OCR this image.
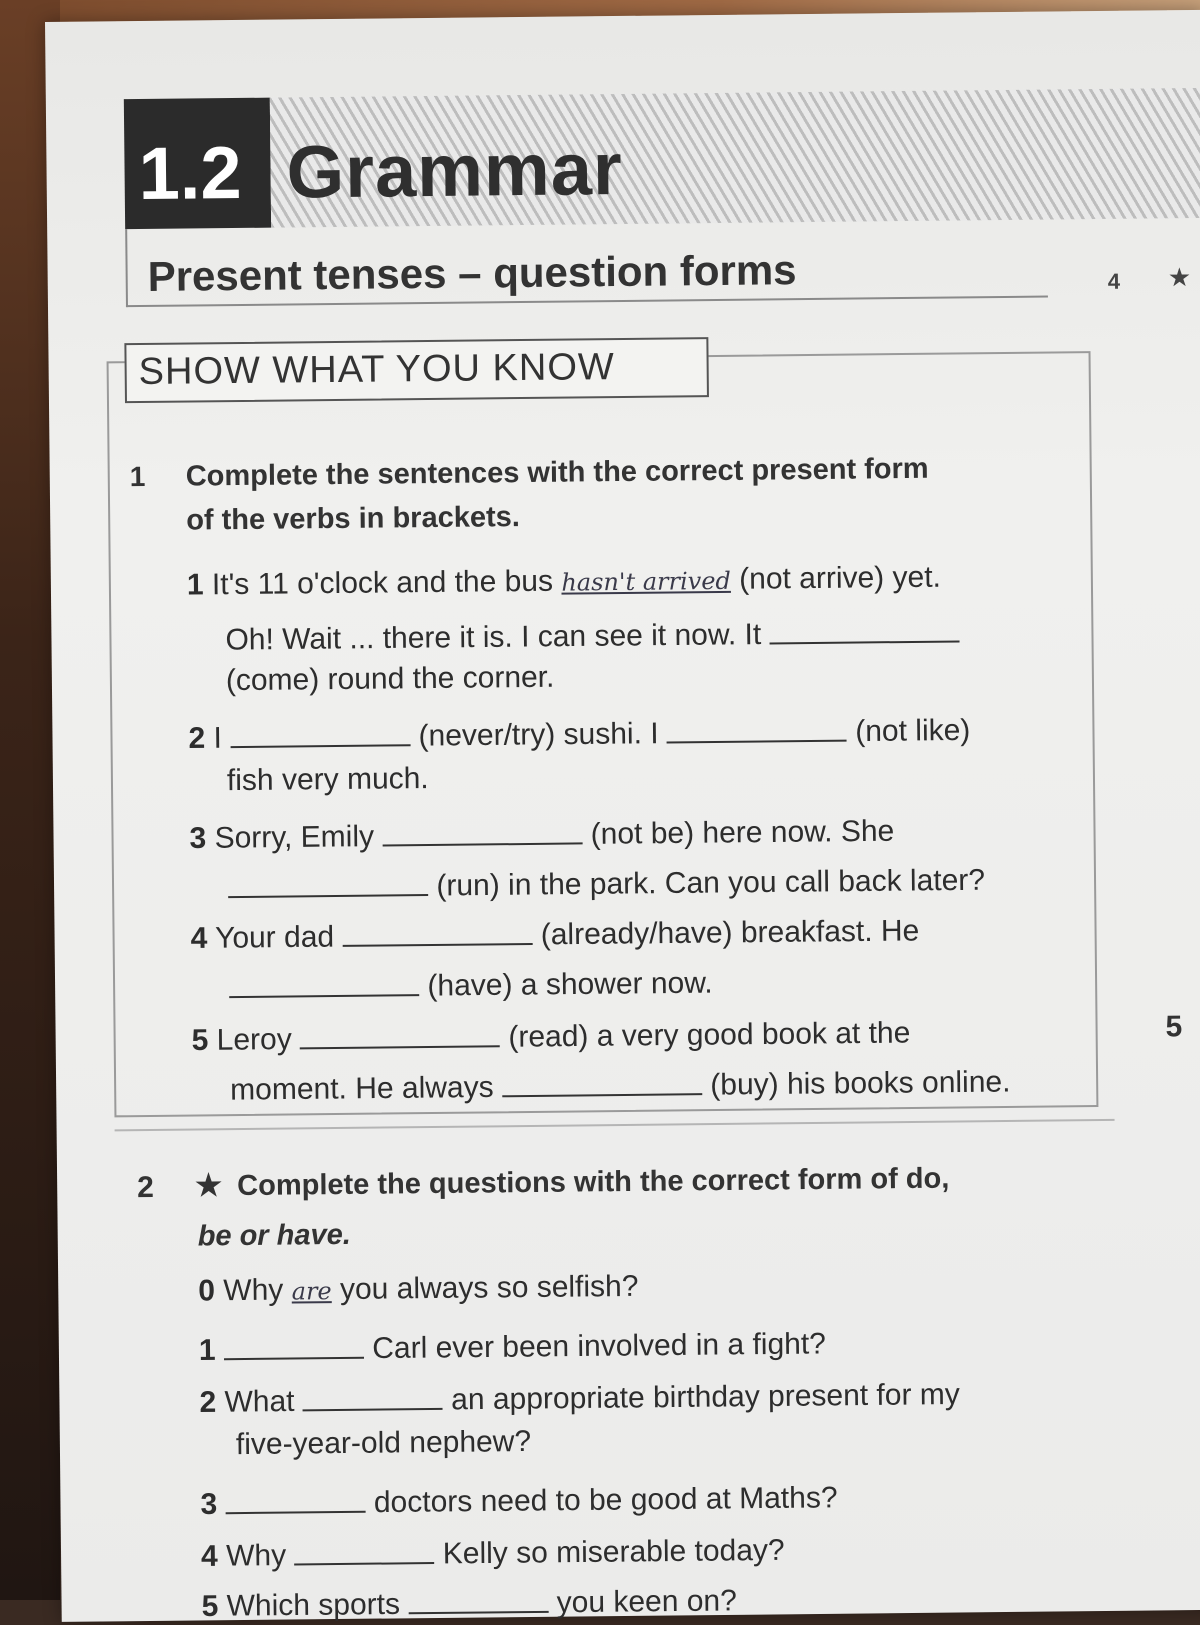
1.2 Grammar
Present tenses – question forms	4 ★
SHOW WHAT YOU KNOW
1 Complete the sentences with the correct present form
of the verbs in brackets.
1 It's 11 o'clock and the bus hasn't arrived (not arrive) yet.
Oh! Wait ... there it is. I can see it now. It
(come) round the corner.
2 I	(never/try) sushi. I	(not like)
fish very much.
3 Sorry, Emily	(not be) here now. She
(run) in the park. Can you call back later?
4 Your dad	(already/have) breakfast. He
(have) a shower now.
5 Leroy	(read) a very good book at the
moment. He always	(buy) his books online.
5
2 ★ Complete the questions with the correct form of do,
be or have.
0 Why are you always so selfish?
1	Carl ever been involved in a fight?
2 What	an appropriate birthday present for my
five-year-old nephew?
3	doctors need to be good at Maths?
4 Why	Kelly so miserable today?
5 Which sports	you keen on?
